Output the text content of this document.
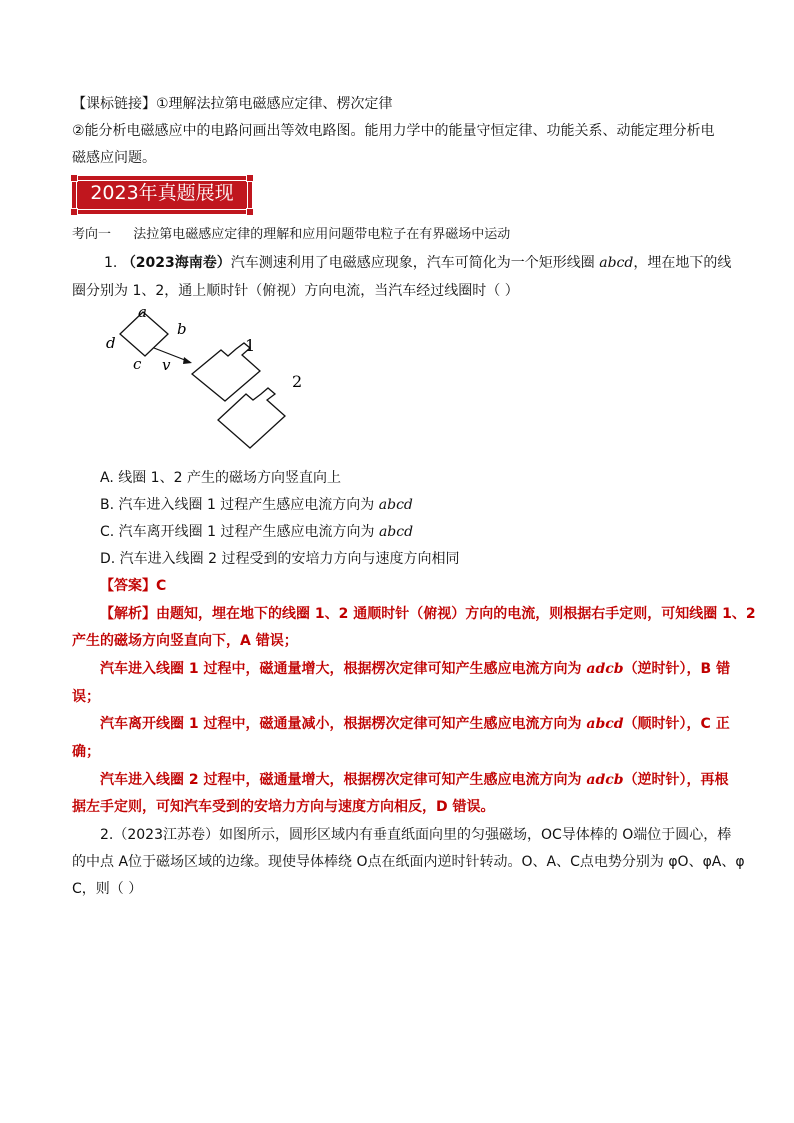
【课标链接】①理解法拉第电磁感应定律、楞次定律
②能分析电磁感应中的电路问画出等效电路图。能用力学中的能量守恒定律、功能关系、动能定理分析电
磁感应问题。
2023年真题展现
考向一 法拉第电磁感应定律的理解和应用问题带电粒子在有界磁场中运动
1. （2023海南卷）汽车测速利用了电磁感应现象，汽车可简化为一个矩形线圈 abcd，埋在地下的线
圈分别为 1、2，通上顺时针（俯视）方向电流，当汽车经过线圈时（ ）
a
b
d
c v
1
2
A. 线圈 1、2 产生的磁场方向竖直向上
B. 汽车进入线圈 1 过程产生感应电流方向为 abcd
C. 汽车离开线圈 1 过程产生感应电流方向为 abcd
D. 汽车进入线圈 2 过程受到的安培力方向与速度方向相同
【答案】C
【解析】由题知，埋在地下的线圈 1、2 通顺时针（俯视）方向的电流，则根据右手定则，可知线圈 1、2
产生的磁场方向竖直向下，A 错误；
汽车进入线圈 1 过程中，磁通量增大，根据楞次定律可知产生感应电流方向为 adcb（逆时针），B 错
误；
汽车离开线圈 1 过程中，磁通量减小，根据楞次定律可知产生感应电流方向为 abcd（顺时针），C 正
确；
汽车进入线圈 2 过程中，磁通量增大，根据楞次定律可知产生感应电流方向为 adcb（逆时针），再根
据左手定则，可知汽车受到的安培力方向与速度方向相反，D 错误。
2.（2023江苏卷）如图所示，圆形区域内有垂直纸面向里的匀强磁场，OC导体棒的 O端位于圆心，棒
的中点 A位于磁场区域的边缘。现使导体棒绕 O点在纸面内逆时针转动。O、A、C点电势分别为 φO、φA、φ
C，则（ ）
